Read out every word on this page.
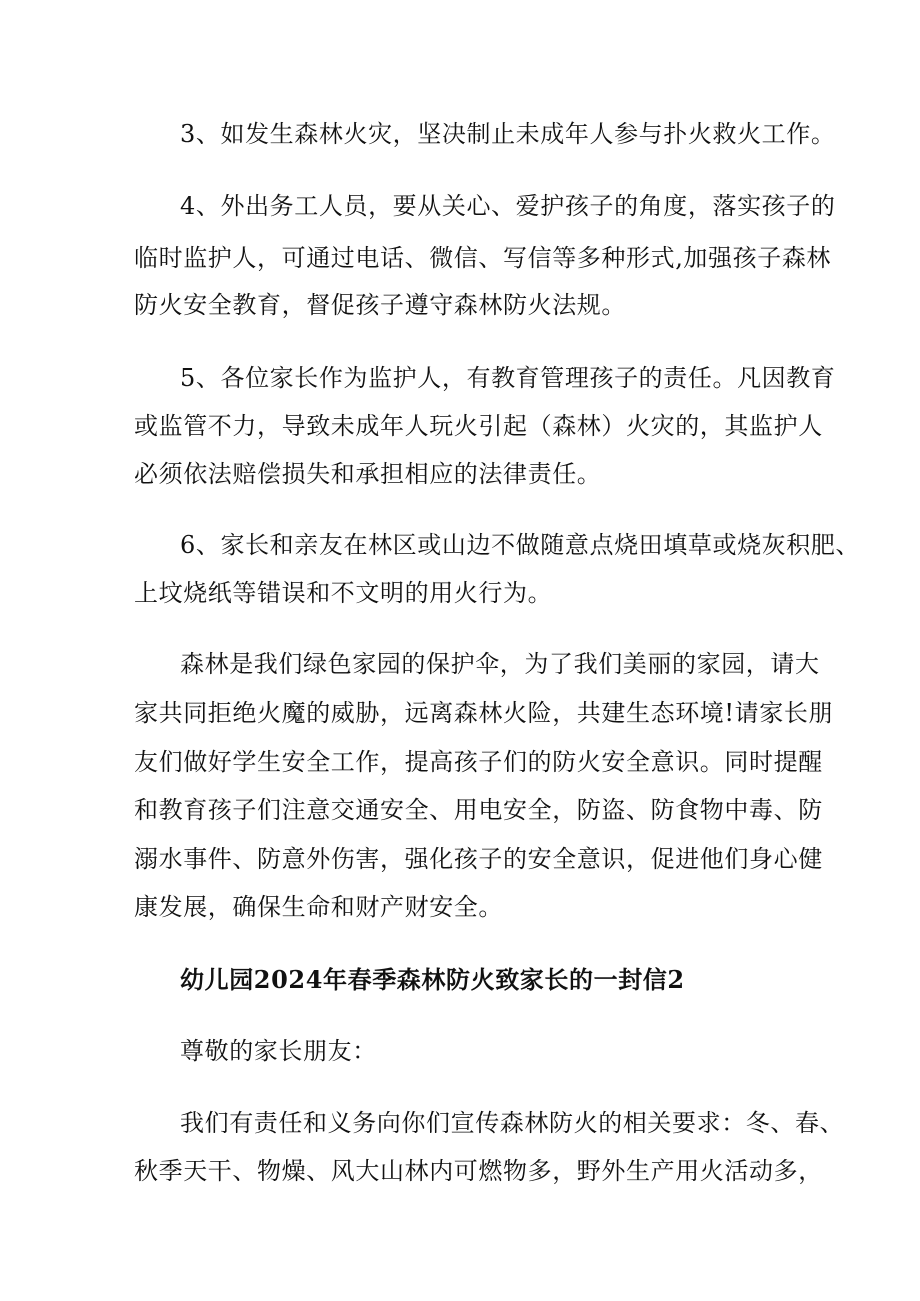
3、如发生森林火灾，坚决制止未成年人参与扑火救火工作。
4、外出务工人员，要从关心、爱护孩子的角度，落实孩子的
临时监护人，可通过电话、微信、写信等多种形式,加强孩子森林
防火安全教育，督促孩子遵守森林防火法规。
5、各位家长作为监护人，有教育管理孩子的责任。凡因教育
或监管不力，导致未成年人玩火引起（森林）火灾的，其监护人
必须依法赔偿损失和承担相应的法律责任。
6、家长和亲友在林区或山边不做随意点烧田填草或烧灰积肥、
上坟烧纸等错误和不文明的用火行为。
森林是我们绿色家园的保护伞，为了我们美丽的家园，请大
家共同拒绝火魔的威胁，远离森林火险，共建生态环境!请家长朋
友们做好学生安全工作，提高孩子们的防火安全意识。同时提醒
和教育孩子们注意交通安全、用电安全，防盗、防食物中毒、防
溺水事件、防意外伤害，强化孩子的安全意识，促进他们身心健
康发展，确保生命和财产财安全。
幼儿园2024年春季森林防火致家长的一封信2
尊敬的家长朋友：
我们有责任和义务向你们宣传森林防火的相关要求：冬、春、
秋季天干、物燥、风大山林内可燃物多，野外生产用火活动多，
